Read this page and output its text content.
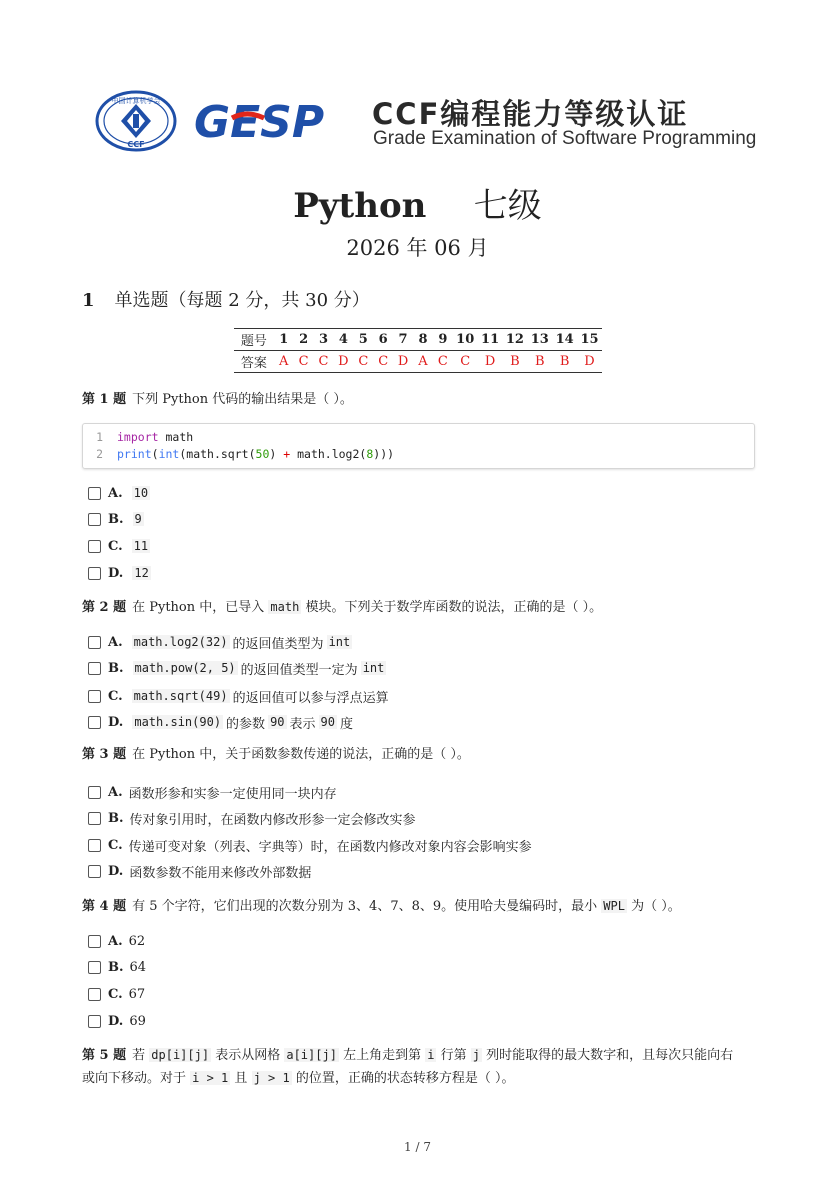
中国计算机学会
CCF GESP CCF编程能力等级认证
Grade Examination of Software Programming
Python 七级
2026 年 06 月
1 单选题（每题 2 分，共 30 分）
题号 1 2 3 4 5 6 7 8 9 10 11 12 13 14 15
答案 A C C D C C D A C C	D	B	B	B	D
第 1 题 下列 Python 代码的输出结果是（ ）。
1 import math
2 print(int(math.sqrt(50) + math.log2(8)))
A. 10
B. 9
C. 11
D. 12
第 2 题 在 Python 中，已导入 math 模块。下列关于数学库函数的说法，正确的是（ ）。
A. math.log2(32) 的返回值类型为 int
B. math.pow(2, 5) 的返回值类型一定为 int
C. math.sqrt(49) 的返回值可以参与浮点运算
D. math.sin(90) 的参数 90 表示 90 度
第 3 题 在 Python 中，关于函数参数传递的说法，正确的是（ ）。
A. 函数形参和实参一定使用同一块内存
B. 传对象引用时，在函数内修改形参一定会修改实参
C. 传递可变对象（列表、字典等）时，在函数内修改对象内容会影响实参
D. 函数参数不能用来修改外部数据
第 4 题 有 5 个字符，它们出现的次数分别为 3、4、7、8、9。使用哈夫曼编码时，最小 WPL 为（ ）。
A. 62
B. 64
C. 67
D. 69
第 5 题 若 dp[i][j] 表示从网格 a[i][j] 左上角走到第 i 行第 j 列时能取得的最大数字和，且每次只能向右
或向下移动。对于 i > 1 且 j > 1 的位置，正确的状态转移方程是（ ）。
1 / 7
